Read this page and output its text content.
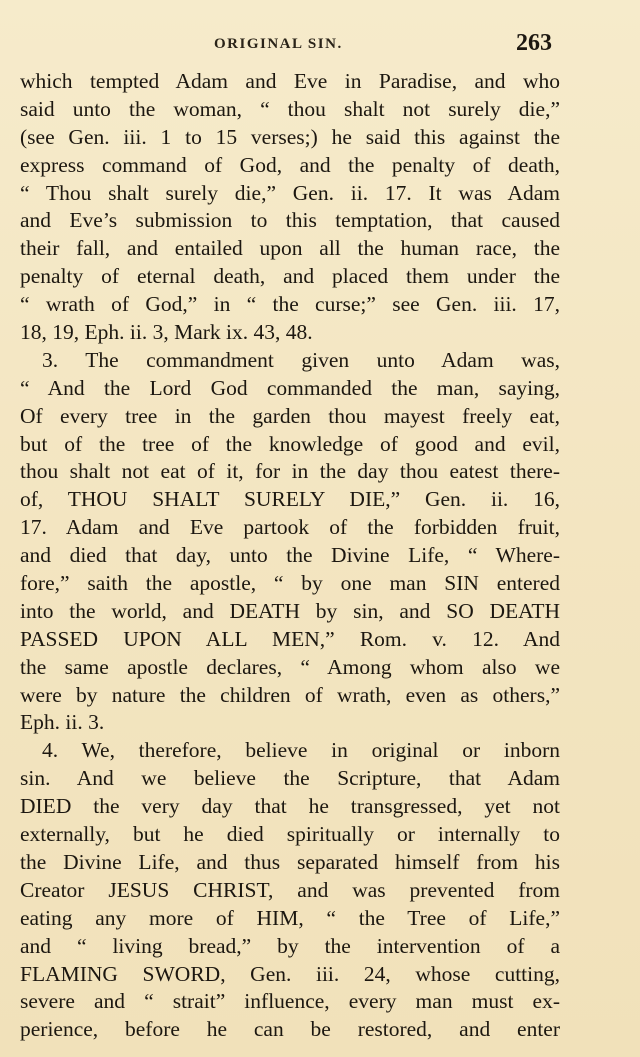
ORIGINAL SIN.	263
which tempted Adam and Eve in Paradise, and who
said unto the woman, “ thou shalt not surely die,”
(see Gen. iii. 1 to 15 verses;) he said this against the
express command of God, and the penalty of death,
“ Thou shalt surely die,” Gen. ii. 17. It was Adam
and Eve’s submission to this temptation, that caused
their fall, and entailed upon all the human race, the
penalty of eternal death, and placed them under the
“ wrath of God,” in “ the curse;” see Gen. iii. 17,
18, 19, Eph. ii. 3, Mark ix. 43, 48.
3. The commandment given unto Adam was,
“ And the Lord God commanded the man, saying,
Of every tree in the garden thou mayest freely eat,
but of the tree of the knowledge of good and evil,
thou shalt not eat of it, for in the day thou eatest there-
of, THOU SHALT SURELY DIE,” Gen. ii. 16,
17. Adam and Eve partook of the forbidden fruit,
and died that day, unto the Divine Life, “ Where-
fore,” saith the apostle, “ by one man SIN entered
into the world, and DEATH by sin, and SO DEATH
PASSED UPON ALL MEN,” Rom. v. 12. And
the same apostle declares, “ Among whom also we
were by nature the children of wrath, even as others,”
Eph. ii. 3.
4. We, therefore, believe in original or inborn
sin. And we believe the Scripture, that Adam
DIED the very day that he transgressed, yet not
externally, but he died spiritually or internally to
the Divine Life, and thus separated himself from his
Creator JESUS CHRIST, and was prevented from
eating any more of HIM, “ the Tree of Life,”
and “ living bread,” by the intervention of a
FLAMING SWORD, Gen. iii. 24, whose cutting,
severe and “ strait” influence, every man must ex-
perience, before he can be restored, and enter
